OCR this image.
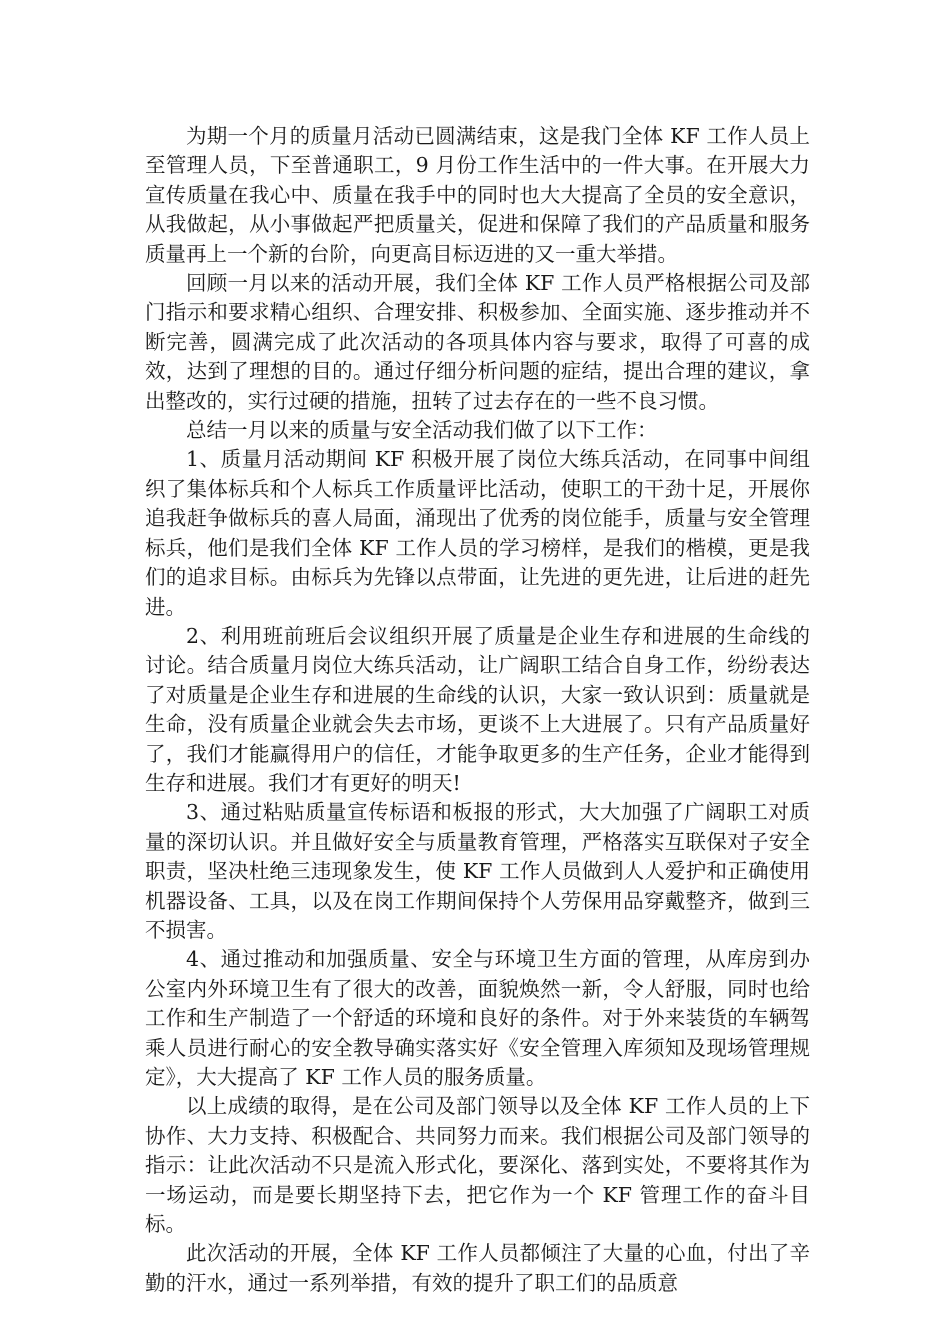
为期一个月的质量月活动已圆满结束，这是我门全体 KF 工作人员上至管理人员，下至普通职工，9 月份工作生活中的一件大事。在开展大力宣传质量在我心中、质量在我手中的同时也大大提高了全员的安全意识，从我做起，从小事做起严把质量关，促进和保障了我们的产品质量和服务质量再上一个新的台阶，向更高目标迈进的又一重大举措。

回顾一月以来的活动开展，我们全体 KF 工作人员严格根据公司及部门指示和要求精心组织、合理安排、积极参加、全面实施、逐步推动并不断完善，圆满完成了此次活动的各项具体内容与要求，取得了可喜的成效，达到了理想的目的。通过仔细分析问题的症结，提出合理的建议，拿出整改的，实行过硬的措施，扭转了过去存在的一些不良习惯。

总结一月以来的质量与安全活动我们做了以下工作：

1、质量月活动期间 KF 积极开展了岗位大练兵活动，在同事中间组织了集体标兵和个人标兵工作质量评比活动，使职工的干劲十足，开展你追我赶争做标兵的喜人局面，涌现出了优秀的岗位能手，质量与安全管理标兵，他们是我们全体 KF 工作人员的学习榜样，是我们的楷模，更是我们的追求目标。由标兵为先锋以点带面，让先进的更先进，让后进的赶先进。

2、利用班前班后会议组织开展了质量是企业生存和进展的生命线的讨论。结合质量月岗位大练兵活动，让广阔职工结合自身工作，纷纷表达了对质量是企业生存和进展的生命线的认识，大家一致认识到：质量就是生命，没有质量企业就会失去市场，更谈不上大进展了。只有产品质量好了，我们才能赢得用户的信任，才能争取更多的生产任务，企业才能得到生存和进展。我们才有更好的明天!

3、通过粘贴质量宣传标语和板报的形式，大大加强了广阔职工对质量的深切认识。并且做好安全与质量教育管理，严格落实互联保对子安全职责，坚决杜绝三违现象发生，使 KF 工作人员做到人人爱护和正确使用机器设备、工具，以及在岗工作期间保持个人劳保用品穿戴整齐，做到三不损害。

4、通过推动和加强质量、安全与环境卫生方面的管理，从库房到办公室内外环境卫生有了很大的改善，面貌焕然一新，令人舒服，同时也给工作和生产制造了一个舒适的环境和良好的条件。对于外来装货的车辆驾乘人员进行耐心的安全教导确实落实好《安全管理入库须知及现场管理规定》，大大提高了 KF 工作人员的服务质量。

以上成绩的取得，是在公司及部门领导以及全体 KF 工作人员的上下协作、大力支持、积极配合、共同努力而来。我们根据公司及部门领导的指示：让此次活动不只是流入形式化，要深化、落到实处，不要将其作为一场运动，而是要长期坚持下去，把它作为一个 KF 管理工作的奋斗目标。

此次活动的开展，全体 KF 工作人员都倾注了大量的心血，付出了辛勤的汗水，通过一系列举措，有效的提升了职工们的品质意
